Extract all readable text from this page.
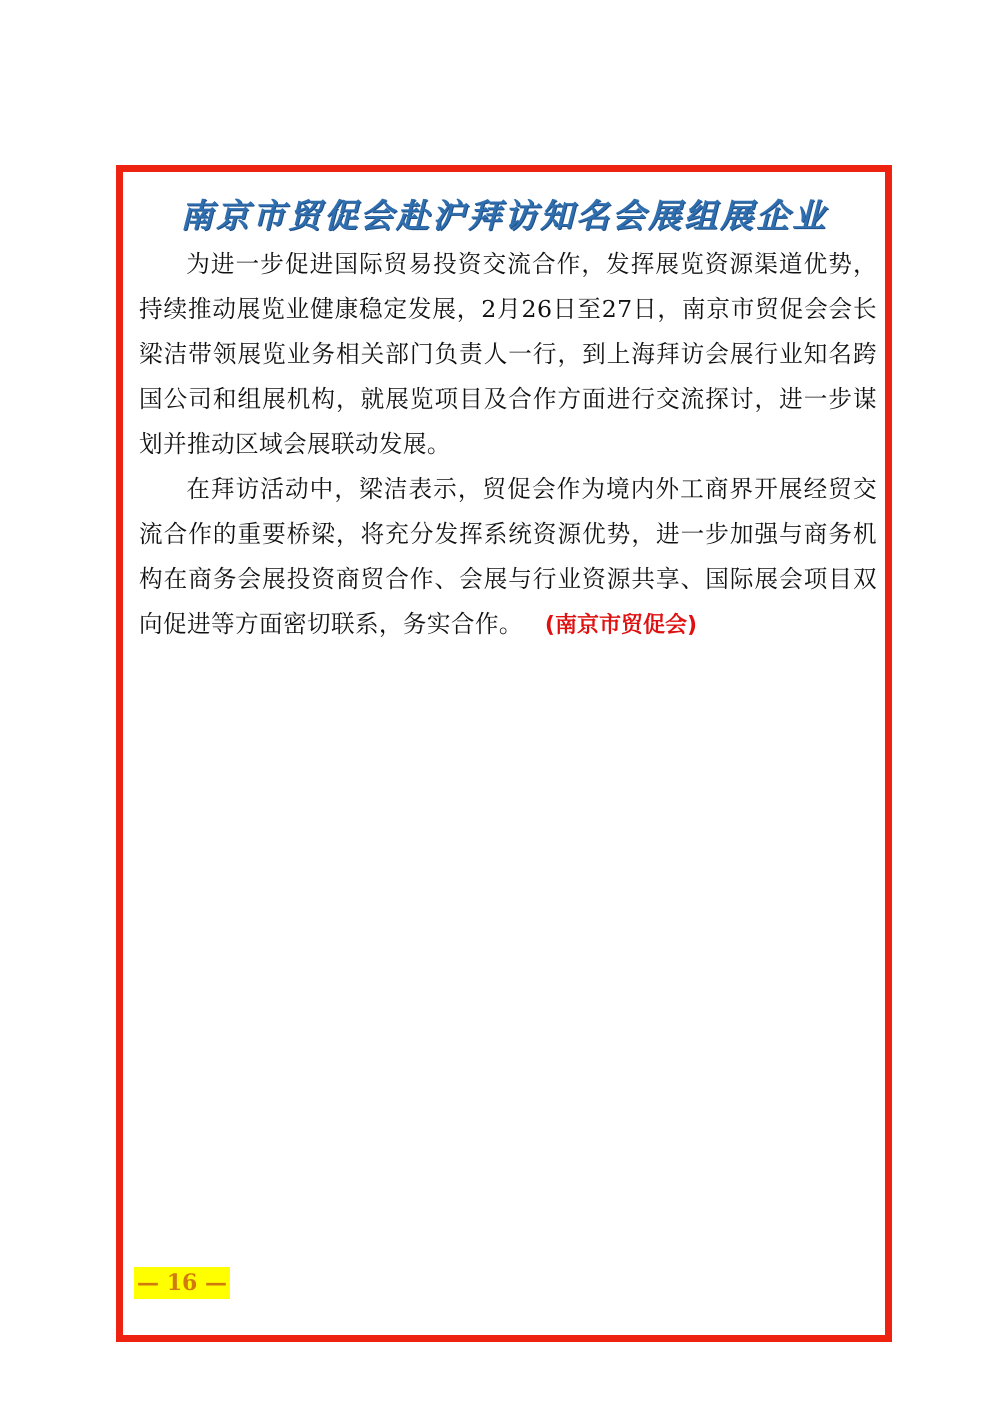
南京市贸促会赴沪拜访知名会展组展企业

为进一步促进国际贸易投资交流合作，发挥展览资源渠道优势，持续推动展览业健康稳定发展，2月26日至27日，南京市贸促会会长梁洁带领展览业务相关部门负责人一行，到上海拜访会展行业知名跨国公司和组展机构，就展览项目及合作方面进行交流探讨，进一步谋划并推动区域会展联动发展。

在拜访活动中，梁洁表示，贸促会作为境内外工商界开展经贸交流合作的重要桥梁，将充分发挥系统资源优势，进一步加强与商务机构在商务会展投资商贸合作、会展与行业资源共享、国际展会项目双向促进等方面密切联系，务实合作。 (南京市贸促会)

— 16 —
